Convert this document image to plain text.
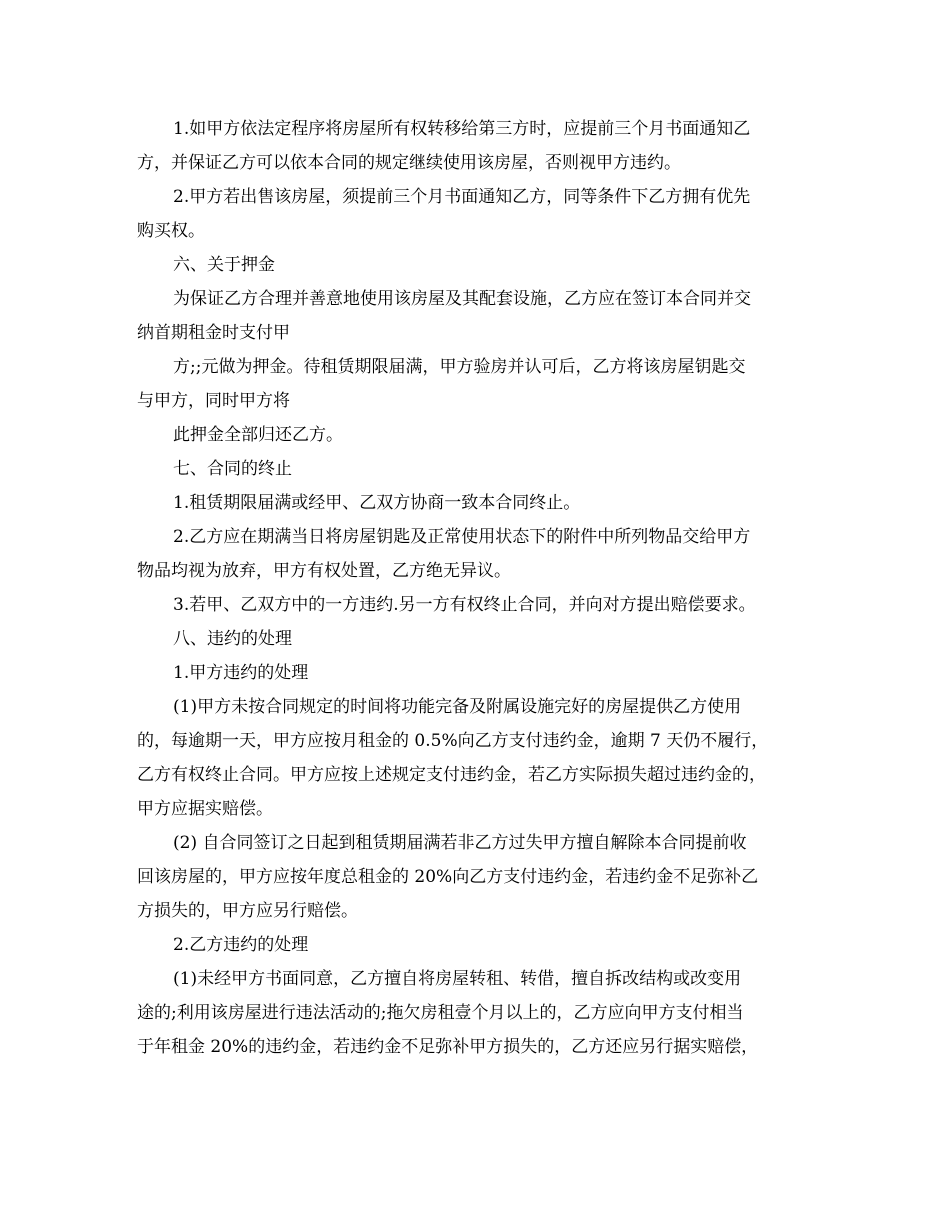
1.如甲方依法定程序将房屋所有权转移给第三方时，应提前三个月书面通知乙
方，并保证乙方可以依本合同的规定继续使用该房屋，否则视甲方违约。
2.甲方若出售该房屋，须提前三个月书面通知乙方，同等条件下乙方拥有优先
购买权。
六、关于押金
为保证乙方合理并善意地使用该房屋及其配套设施，乙方应在签订本合同并交
纳首期租金时支付甲
方;;元做为押金。待租赁期限届满，甲方验房并认可后，乙方将该房屋钥匙交
与甲方，同时甲方将
此押金全部归还乙方。
七、合同的终止
1.租赁期限届满或经甲、乙双方协商一致本合同终止。
2.乙方应在期满当日将房屋钥匙及正常使用状态下的附件中所列物品交给甲方
物品均视为放弃，甲方有权处置，乙方绝无异议。
3.若甲、乙双方中的一方违约.另一方有权终止合同，并向对方提出赔偿要求。
八、违约的处理
1.甲方违约的处理
(1)甲方未按合同规定的时间将功能完备及附属设施完好的房屋提供乙方使用
的，每逾期一天，甲方应按月租金的 0.5%向乙方支付违约金，逾期 7 天仍不履行，
乙方有权终止合同。甲方应按上述规定支付违约金，若乙方实际损失超过违约金的，
甲方应据实赔偿。
(2) 自合同签订之日起到租赁期届满若非乙方过失甲方擅自解除本合同提前收
回该房屋的，甲方应按年度总租金的 20%向乙方支付违约金，若违约金不足弥补乙
方损失的，甲方应另行赔偿。
2.乙方违约的处理
(1)未经甲方书面同意，乙方擅自将房屋转租、转借，擅自拆改结构或改变用
途的;利用该房屋进行违法活动的;拖欠房租壹个月以上的，乙方应向甲方支付相当
于年租金 20%的违约金，若违约金不足弥补甲方损失的，乙方还应另行据实赔偿，
